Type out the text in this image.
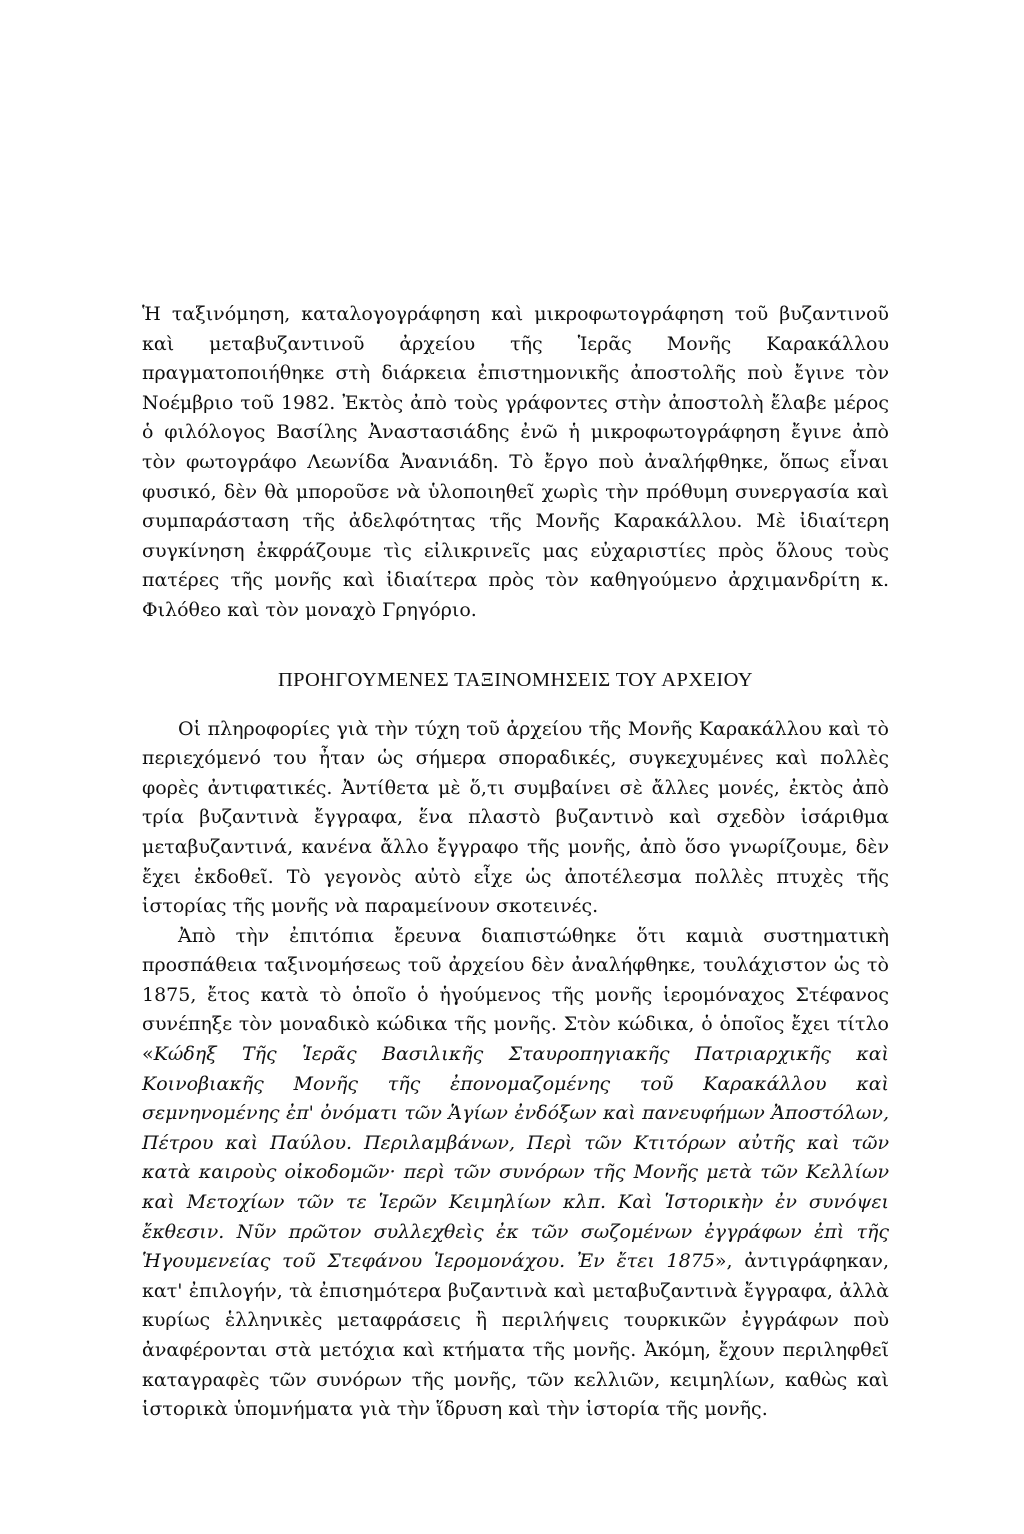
Ἡ ταξινόμηση, καταλογογράφηση καὶ μικροφωτογράφηση τοῦ βυζαντινοῦ καὶ μεταβυζαντινοῦ ἀρχείου τῆς Ἱερᾶς Μονῆς Καρακάλλου πραγματοποιήθηκε στὴ διάρκεια ἐπιστημονικῆς ἀποστολῆς ποὺ ἔγινε τὸν Νοέμβριο τοῦ 1982. Ἐκτὸς ἀπὸ τοὺς γράφοντες στὴν ἀποστολὴ ἔλαβε μέρος ὁ φιλόλογος Βασίλης Ἀναστασιάδης ἐνῶ ἡ μικροφωτογράφηση ἔγινε ἀπὸ τὸν φωτογράφο Λεωνίδα Ἀνανιάδη. Τὸ ἔργο ποὺ ἀναλήφθηκε, ὅπως εἶναι φυσικό, δὲν θὰ μποροῦσε νὰ ὑλοποιηθεῖ χωρὶς τὴν πρόθυμη συνεργασία καὶ συμπαράσταση τῆς ἀδελφότητας τῆς Μονῆς Καρακάλλου. Μὲ ἰδιαίτερη συγκίνηση ἐκφράζουμε τὶς εἰλικρινεῖς μας εὐχαριστίες πρὸς ὅλους τοὺς πατέρες τῆς μονῆς καὶ ἰδιαίτερα πρὸς τὸν καθηγούμενο ἀρχιμανδρίτη κ. Φιλόθεο καὶ τὸν μοναχὸ Γρηγόριο.

ΠΡΟΗΓΟΥΜΕΝΕΣ ΤΑΞΙΝΟΜΗΣΕΙΣ ΤΟΥ ΑΡΧΕΙΟΥ

Οἱ πληροφορίες γιὰ τὴν τύχη τοῦ ἀρχείου τῆς Μονῆς Καρακάλλου καὶ τὸ περιεχόμενό του ἦταν ὡς σήμερα σποραδικές, συγκεχυμένες καὶ πολλὲς φορὲς ἀντιφατικές. Ἀντίθετα μὲ ὅ,τι συμβαίνει σὲ ἄλλες μονές, ἐκτὸς ἀπὸ τρία βυζαντινὰ ἔγγραφα, ἕνα πλαστὸ βυζαντινὸ καὶ σχεδὸν ἰσάριθμα μεταβυζαντινά, κανένα ἄλλο ἔγγραφο τῆς μονῆς, ἀπὸ ὅσο γνωρίζουμε, δὲν ἔχει ἐκδοθεῖ. Τὸ γεγονὸς αὐτὸ εἶχε ὡς ἀποτέλεσμα πολλὲς πτυχὲς τῆς ἱστορίας τῆς μονῆς νὰ παραμείνουν σκοτεινές.

Ἀπὸ τὴν ἐπιτόπια ἔρευνα διαπιστώθηκε ὅτι καμιὰ συστηματικὴ προσπάθεια ταξινομήσεως τοῦ ἀρχείου δὲν ἀναλήφθηκε, τουλάχιστον ὡς τὸ 1875, ἔτος κατὰ τὸ ὁποῖο ὁ ἡγούμενος τῆς μονῆς ἱερομόναχος Στέφανος συνέπηξε τὸν μοναδικὸ κώδικα τῆς μονῆς. Στὸν κώδικα, ὁ ὁποῖος ἔχει τίτλο «Κώδηξ Τῆς Ἱερᾶς Βασιλικῆς Σταυροπηγιακῆς Πατριαρχικῆς καὶ Κοινοβιακῆς Μονῆς τῆς ἐπονομαζομένης τοῦ Καρακάλλου καὶ σεμνηνομένης ἐπ' ὀνόματι τῶν Ἁγίων ἐνδόξων καὶ πανευφήμων Ἀποστόλων, Πέτρου καὶ Παύλου. Περιλαμβάνων, Περὶ τῶν Κτιτόρων αὐτῆς καὶ τῶν κατὰ καιροὺς οἰκοδομῶν· περὶ τῶν συνόρων τῆς Μονῆς μετὰ τῶν Κελλίων καὶ Μετοχίων τῶν τε Ἱερῶν Κειμηλίων κλπ. Καὶ Ἱστορικὴν ἐν συνόψει ἔκθεσιν. Νῦν πρῶτον συλλεχθεὶς ἐκ τῶν σωζομένων ἐγγράφων ἐπὶ τῆς Ἡγουμενείας τοῦ Στεφάνου Ἱερομονάχου. Ἐν ἔτει 1875», ἀντιγράφηκαν, κατ' ἐπιλογήν, τὰ ἐπισημότερα βυζαντινὰ καὶ μεταβυζαντινὰ ἔγγραφα, ἀλλὰ κυρίως ἑλληνικὲς μεταφράσεις ἢ περιλήψεις τουρκικῶν ἐγγράφων ποὺ ἀναφέρονται στὰ μετόχια καὶ κτήματα τῆς μονῆς. Ἀκόμη, ἔχουν περιληφθεῖ καταγραφὲς τῶν συνόρων τῆς μονῆς, τῶν κελλιῶν, κειμηλίων, καθὼς καὶ ἱστορικὰ ὑπομνήματα γιὰ τὴν ἵδρυση καὶ τὴν ἱστορία τῆς μονῆς.
